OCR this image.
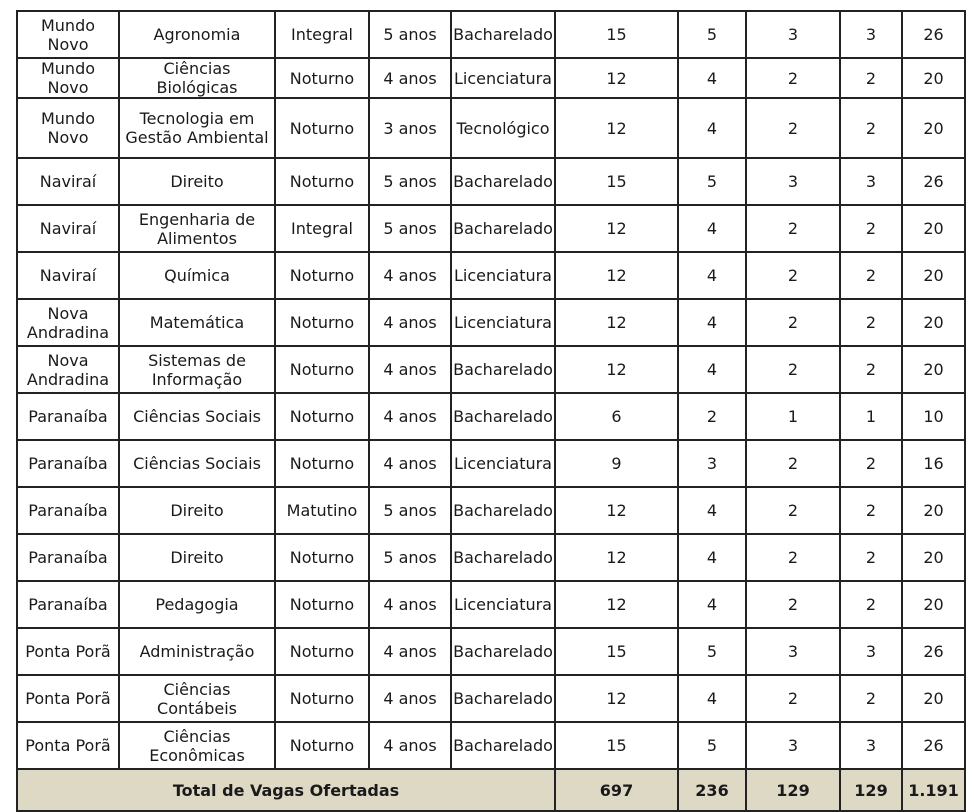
Mundo Novo	Agronomia	Integral	5 anos	Bacharelado	15	5	3	3	26
Mundo Novo	Ciências Biológicas	Noturno	4 anos	Licenciatura	12	4	2	2	20
Mundo Novo	Tecnologia em Gestão Ambiental	Noturno	3 anos	Tecnológico	12	4	2	2	20
Naviraí	Direito	Noturno	5 anos	Bacharelado	15	5	3	3	26
Naviraí	Engenharia de Alimentos	Integral	5 anos	Bacharelado	12	4	2	2	20
Naviraí	Química	Noturno	4 anos	Licenciatura	12	4	2	2	20
Nova Andradina	Matemática	Noturno	4 anos	Licenciatura	12	4	2	2	20
Nova Andradina	Sistemas de Informação	Noturno	4 anos	Bacharelado	12	4	2	2	20
Paranaíba	Ciências Sociais	Noturno	4 anos	Bacharelado	6	2	1	1	10
Paranaíba	Ciências Sociais	Noturno	4 anos	Licenciatura	9	3	2	2	16
Paranaíba	Direito	Matutino	5 anos	Bacharelado	12	4	2	2	20
Paranaíba	Direito	Noturno	5 anos	Bacharelado	12	4	2	2	20
Paranaíba	Pedagogia	Noturno	4 anos	Licenciatura	12	4	2	2	20
Ponta Porã	Administração	Noturno	4 anos	Bacharelado	15	5	3	3	26
Ponta Porã	Ciências Contábeis	Noturno	4 anos	Bacharelado	12	4	2	2	20
Ponta Porã	Ciências Econômicas	Noturno	4 anos	Bacharelado	15	5	3	3	26
Total de Vagas Ofertadas					697	236	129	129	1.191
